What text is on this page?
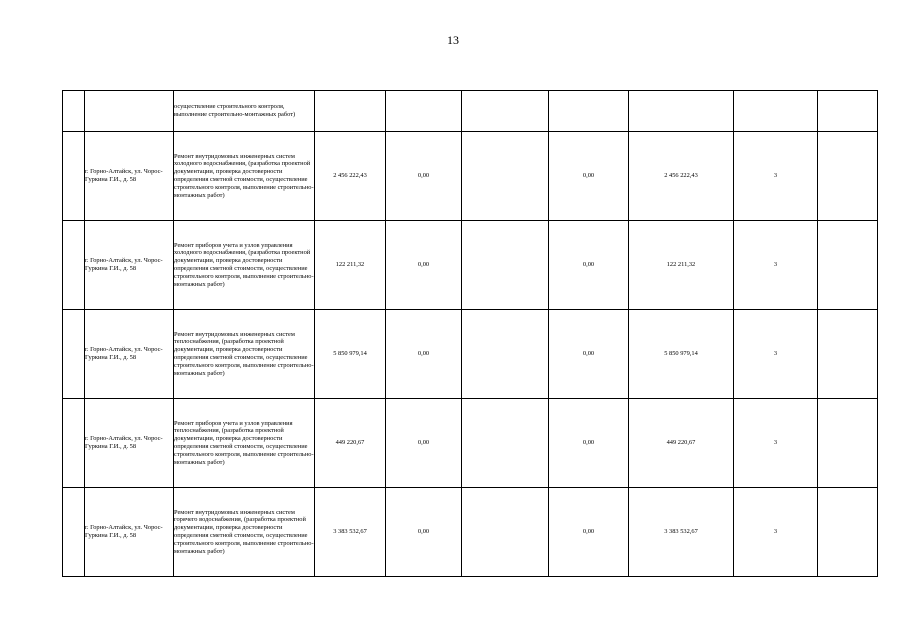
13
		осуществление строительного контроля, выполнение строительно-монтажных работ)							
	г. Горно-Алтайск, ул. Чорос-Гуркина Г.И., д. 58	Ремонт внутридомовых инженерных систем холодного водоснабжения, (разработка проектной документации, проверка достоверности определения сметной стоимости, осуществление строительного контроля, выполнение строительно-монтажных работ)	2 456 222,43	0,00		0,00	2 456 222,43	3	
	г. Горно-Алтайск, ул. Чорос-Гуркина Г.И., д. 58	Ремонт приборов учета и узлов управления холодного водоснабжения, (разработка проектной документации, проверка достоверности определения сметной стоимости, осуществление строительного контроля, выполнение строительно-монтажных работ)	122 211,32	0,00		0,00	122 211,32	3	
	г. Горно-Алтайск, ул. Чорос-Гуркина Г.И., д. 58	Ремонт внутридомовых инженерных систем теплоснабжения, (разработка проектной документации, проверка достоверности определения сметной стоимости, осуществление строительного контроля, выполнение строительно-монтажных работ)	5 850 979,14	0,00		0,00	5 850 979,14	3	
	г. Горно-Алтайск, ул. Чорос-Гуркина Г.И., д. 58	Ремонт приборов учета и узлов управления теплоснабжения, (разработка проектной документации, проверка достоверности определения сметной стоимости, осуществление строительного контроля, выполнение строительно-монтажных работ)	449 220,67	0,00		0,00	449 220,67	3	
	г. Горно-Алтайск, ул. Чорос-Гуркина Г.И., д. 58	Ремонт внутридомовых инженерных систем горячего водоснабжения, (разработка проектной документации, проверка достоверности определения сметной стоимости, осуществление строительного контроля, выполнение строительно-монтажных работ)	3 383 532,67	0,00		0,00	3 383 532,67	3	
